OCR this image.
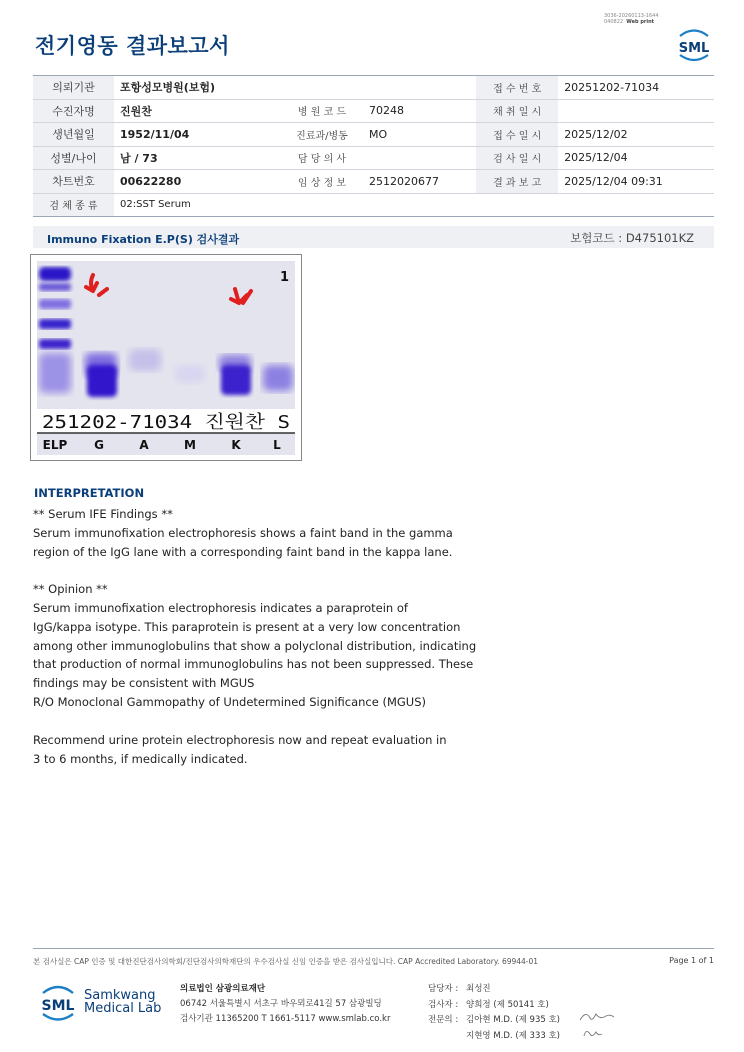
3036-20260113-1644
040822 Web print
전기영동 결과보고서	SML
의뢰기관	포항성모병원(보험)			접 수 번 호	20251202-71034
수진자명	진원찬	병 원 코 드	70248	채 취 일 시	
생년월일	1952/11/04	진료과/병동	MO	접 수 일 시	2025/12/02
성별/나이	남 / 73	담 당 의 사		검 사 일 시	2025/12/04
차트번호	00622280	임 상 정 보	2512020677	결 과 보 고	2025/12/04 09:31
검 체 종 류	02:SST Serum				
Immuno Fixation E.P(S) 검사결과	보험코드 : D475101KZ
1
251202-71034 진원찬 S
ELP G	A	M	K	L
INTERPRETATION
** Serum IFE Findings **
Serum immunofixation electrophoresis shows a faint band in the gamma
region of the IgG lane with a corresponding faint band in the kappa lane.
** Opinion **
Serum immunofixation electrophoresis indicates a paraprotein of
IgG/kappa isotype. This paraprotein is present at a very low concentration
among other immunoglobulins that show a polyclonal distribution, indicating
that production of normal immunoglobulins has not been suppressed. These
findings may be consistent with MGUS
R/O Monoclonal Gammopathy of Undetermined Significance (MGUS)
Recommend urine protein electrophoresis now and repeat evaluation in
3 to 6 months, if medically indicated.
본 검사실은 CAP 인증 및 대한진단검사의학회/진단검사의학재단의 우수검사실 신임 인증을 받은 검사실입니다. CAP Accredited Laboratory. 69944-01	Page 1 of 1
SML
Samkwang
Medical Lab
의료법인 삼광의료재단
06742 서울특별시 서초구 바우뫼로41길 57 삼광빌딩
검사기관 11365200 T 1661-5117 www.smlab.co.kr
담당자 : 최성진
검사자 : 양희정 (제 50141 호)
전문의 : 김아현 M.D. (제 935 호)
지현영 M.D. (제 333 호)
